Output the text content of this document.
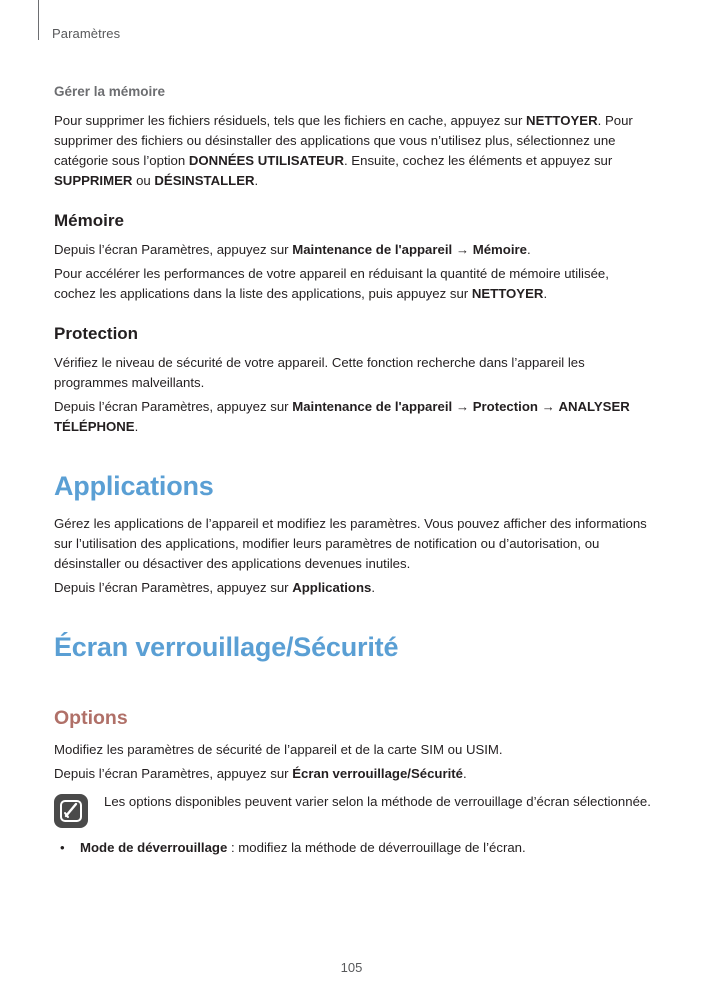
Paramètres
Gérer la mémoire

Pour supprimer les fichiers résiduels, tels que les fichiers en cache, appuyez sur NETTOYER. Pour supprimer des fichiers ou désinstaller des applications que vous n’utilisez plus, sélectionnez une catégorie sous l’option DONNÉES UTILISATEUR. Ensuite, cochez les éléments et appuyez sur SUPPRIMER ou DÉSINSTALLER.

Mémoire

Depuis l’écran Paramètres, appuyez sur Maintenance de l'appareil → Mémoire.

Pour accélérer les performances de votre appareil en réduisant la quantité de mémoire utilisée, cochez les applications dans la liste des applications, puis appuyez sur NETTOYER.

Protection

Vérifiez le niveau de sécurité de votre appareil. Cette fonction recherche dans l’appareil les programmes malveillants.

Depuis l’écran Paramètres, appuyez sur Maintenance de l'appareil → Protection → ANALYSER TÉLÉPHONE.

Applications

Gérez les applications de l’appareil et modifiez les paramètres. Vous pouvez afficher des informations sur l’utilisation des applications, modifier leurs paramètres de notification ou d’autorisation, ou désinstaller ou désactiver des applications devenues inutiles.

Depuis l’écran Paramètres, appuyez sur Applications.

Écran verrouillage/Sécurité
Options

Modifiez les paramètres de sécurité de l’appareil et de la carte SIM ou USIM.

Depuis l’écran Paramètres, appuyez sur Écran verrouillage/Sécurité.

Les options disponibles peuvent varier selon la méthode de verrouillage d’écran sélectionnée.
•	Mode de déverrouillage : modifiez la méthode de déverrouillage de l’écran.
105
